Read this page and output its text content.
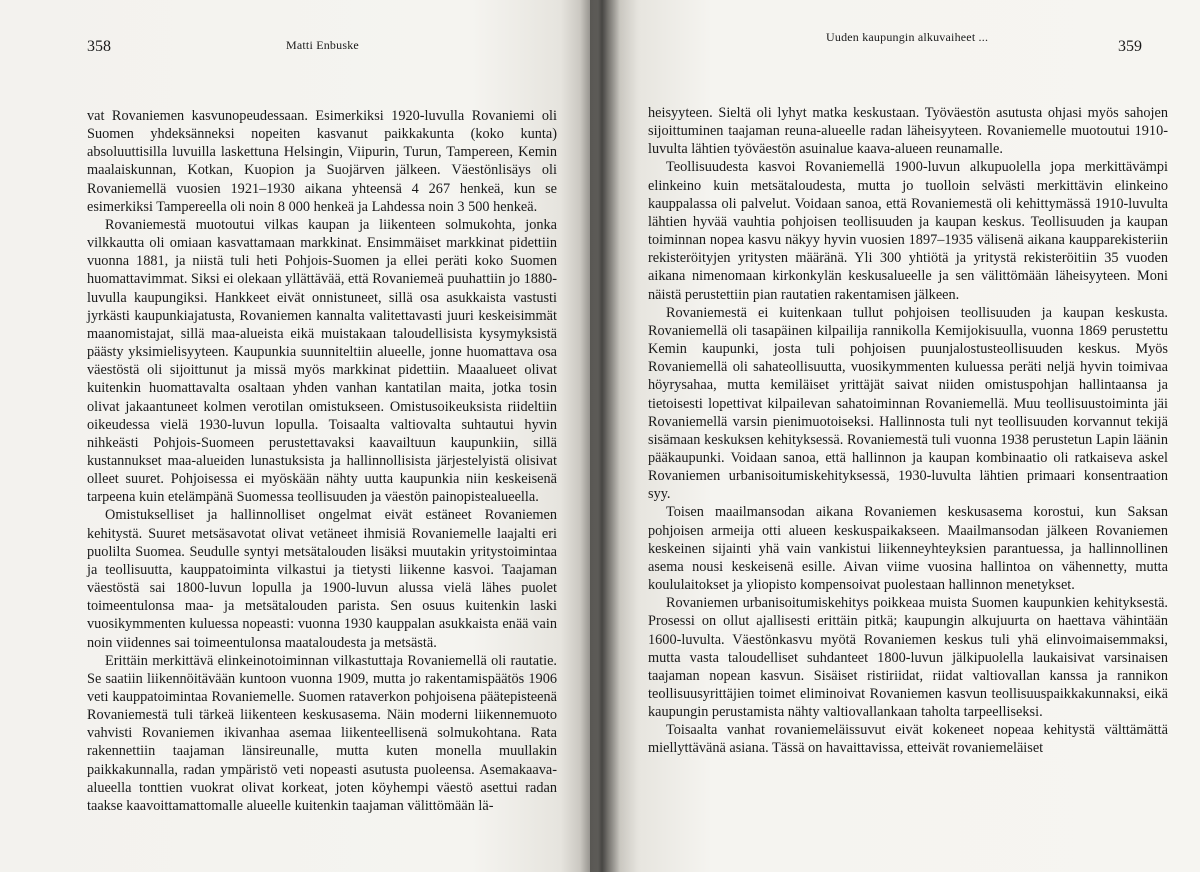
358	Matti Enbuske

vat Rovaniemen kasvunopeudessaan. Esimerkiksi 1920-luvulla Rovaniemi oli Suomen yhdeksänneksi nopeiten kasvanut paikkakunta (koko kunta) absoluuttisilla luvuilla laskettuna Helsingin, Viipurin, Turun, Tampereen, Kemin maalaiskunnan, Kotkan, Kuopion ja Suojärven jälkeen. Väestönlisäys oli Rovaniemellä vuosien 1921–1930 aikana yhteensä 4 267 henkeä, kun se esimerkiksi Tampereella oli noin 8 000 henkeä ja Lahdessa noin 3 500 henkeä.

Rovaniemestä muotoutui vilkas kaupan ja liikenteen solmukohta, jonka vilkkautta oli omiaan kasvattamaan markkinat. Ensimmäiset markkinat pidettiin vuonna 1881, ja niistä tuli heti Pohjois-Suomen ja ellei peräti koko Suomen huomattavimmat. Siksi ei olekaan yllättävää, että Rovaniemeä puuhattiin jo 1880-luvulla kaupungiksi. Hankkeet eivät onnistuneet, sillä osa asukkaista vastusti jyrkästi kaupunkiajatusta, Rovaniemen kannalta valitettavasti juuri keskeisimmät maanomistajat, sillä maa-alueista eikä muistakaan taloudellisista kysymyksistä päästy yksimielisyyteen. Kaupunkia suunniteltiin alueelle, jonne huomattava osa väestöstä oli sijoittunut ja missä myös markkinat pidettiin. Maaalueet olivat kuitenkin huomattavalta osaltaan yhden vanhan kantatilan maita, jotka tosin olivat jakaantuneet kolmen verotilan omistukseen. Omistusoikeuksista riideltiin oikeudessa vielä 1930-luvun lopulla. Toisaalta valtiovalta suhtautui hyvin nihkeästi Pohjois-Suomeen perustettavaksi kaavailtuun kaupunkiin, sillä kustannukset maa-alueiden lunastuksista ja hallinnollisista järjestelyistä olisivat olleet suuret. Pohjoisessa ei myöskään nähty uutta kaupunkia niin keskeisenä tarpeena kuin etelämpänä Suomessa teollisuuden ja väestön painopistealueella.

Omistukselliset ja hallinnolliset ongelmat eivät estäneet Rovaniemen kehitystä. Suuret metsäsavotat olivat vetäneet ihmisiä Rovaniemelle laajalti eri puolilta Suomea. Seudulle syntyi metsätalouden lisäksi muutakin yritystoimintaa ja teollisuutta, kauppatoiminta vilkastui ja tietysti liikenne kasvoi. Taajaman väestöstä sai 1800-luvun lopulla ja 1900-luvun alussa vielä lähes puolet toimeentulonsa maa- ja metsätalouden parista. Sen osuus kuitenkin laski vuosikymmenten kuluessa nopeasti: vuonna 1930 kauppalan asukkaista enää vain noin viidennes sai toimeentulonsa maataloudesta ja metsästä.

Erittäin merkittävä elinkeinotoiminnan vilkastuttaja Rovaniemellä oli rautatie. Se saatiin liikennöitävään kuntoon vuonna 1909, mutta jo rakentamispäätös 1906 veti kauppatoimintaa Rovaniemelle. Suomen rataverkon pohjoisena päätepisteenä Rovaniemestä tuli tärkeä liikenteen keskusasema. Näin moderni liikennemuoto vahvisti Rovaniemen ikivanhaa asemaa liikenteellisenä solmukohtana. Rata rakennettiin taajaman länsireunalle, mutta kuten monella muullakin paikkakunnalla, radan ympäristö veti nopeasti asutusta puoleensa. Asemakaava-alueella tonttien vuokrat olivat korkeat, joten köyhempi väestö asettui radan taakse kaavoittamattomalle alueelle kuitenkin taajaman välittömään lä-

Uuden kaupungin alkuvaiheet ...
359

heisyyteen. Sieltä oli lyhyt matka keskustaan. Työväestön asutusta ohjasi myös sahojen sijoittuminen taajaman reuna-alueelle radan läheisyyteen. Rovaniemelle muotoutui 1910-luvulta lähtien työväestön asuinalue kaava-alueen reunamalle.

Teollisuudesta kasvoi Rovaniemellä 1900-luvun alkupuolella jopa merkittävämpi elinkeino kuin metsätaloudesta, mutta jo tuolloin selvästi merkittävin elinkeino kauppalassa oli palvelut. Voidaan sanoa, että Rovaniemestä oli kehittymässä 1910-luvulta lähtien hyvää vauhtia pohjoisen teollisuuden ja kaupan keskus. Teollisuuden ja kaupan toiminnan nopea kasvu näkyy hyvin vuosien 1897–1935 välisenä aikana kaupparekisteriin rekisteröityjen yritysten määränä. Yli 300 yhtiötä ja yritystä rekisteröitiin 35 vuoden aikana nimenomaan kirkonkylän keskusalueelle ja sen välittömään läheisyyteen. Moni näistä perustettiin pian rautatien rakentamisen jälkeen.

Rovaniemestä ei kuitenkaan tullut pohjoisen teollisuuden ja kaupan keskusta. Rovaniemellä oli tasapäinen kilpailija rannikolla Kemijokisuulla, vuonna 1869 perustettu Kemin kaupunki, josta tuli pohjoisen puunjalostusteollisuuden keskus. Myös Rovaniemellä oli sahateollisuutta, vuosikymmenten kuluessa peräti neljä hyvin toimivaa höyrysahaa, mutta kemiläiset yrittäjät saivat niiden omistuspohjan hallintaansa ja tietoisesti lopettivat kilpailevan sahatoiminnan Rovaniemellä. Muu teollisuustoiminta jäi Rovaniemellä varsin pienimuotoiseksi. Hallinnosta tuli nyt teollisuuden korvannut tekijä sisämaan keskuksen kehityksessä. Rovaniemestä tuli vuonna 1938 perustetun Lapin läänin pääkaupunki. Voidaan sanoa, että hallinnon ja kaupan kombinaatio oli ratkaiseva askel Rovaniemen urbanisoitumiskehityksessä, 1930-luvulta lähtien primaari konsentraation syy.

Toisen maailmansodan aikana Rovaniemen keskusasema korostui, kun Saksan pohjoisen armeija otti alueen keskuspaikakseen. Maailmansodan jälkeen Rovaniemen keskeinen sijainti yhä vain vankistui liikenneyhteyksien parantuessa, ja hallinnollinen asema nousi keskeisenä esille. Aivan viime vuosina hallintoa on vähennetty, mutta koululaitokset ja yliopisto kompensoivat puolestaan hallinnon menetykset.

Rovaniemen urbanisoitumiskehitys poikkeaa muista Suomen kaupunkien kehityksestä. Prosessi on ollut ajallisesti erittäin pitkä; kaupungin alkujuurta on haettava vähintään 1600-luvulta. Väestönkasvu myötä Rovaniemen keskus tuli yhä elinvoimaisemmaksi, mutta vasta taloudelliset suhdanteet 1800-luvun jälkipuolella laukaisivat varsinaisen taajaman nopean kasvun. Sisäiset ristiriidat, riidat valtiovallan kanssa ja rannikon teollisuusyrittäjien toimet eliminoivat Rovaniemen kasvun teollisuuspaikkakunnaksi, eikä kaupungin perustamista nähty valtiovallankaan taholta tarpeelliseksi.

Toisaalta vanhat rovaniemeläissuvut eivät kokeneet nopeaa kehitystä välttämättä miellyttävänä asiana. Tässä on havaittavissa, etteivät rovaniemeläiset
